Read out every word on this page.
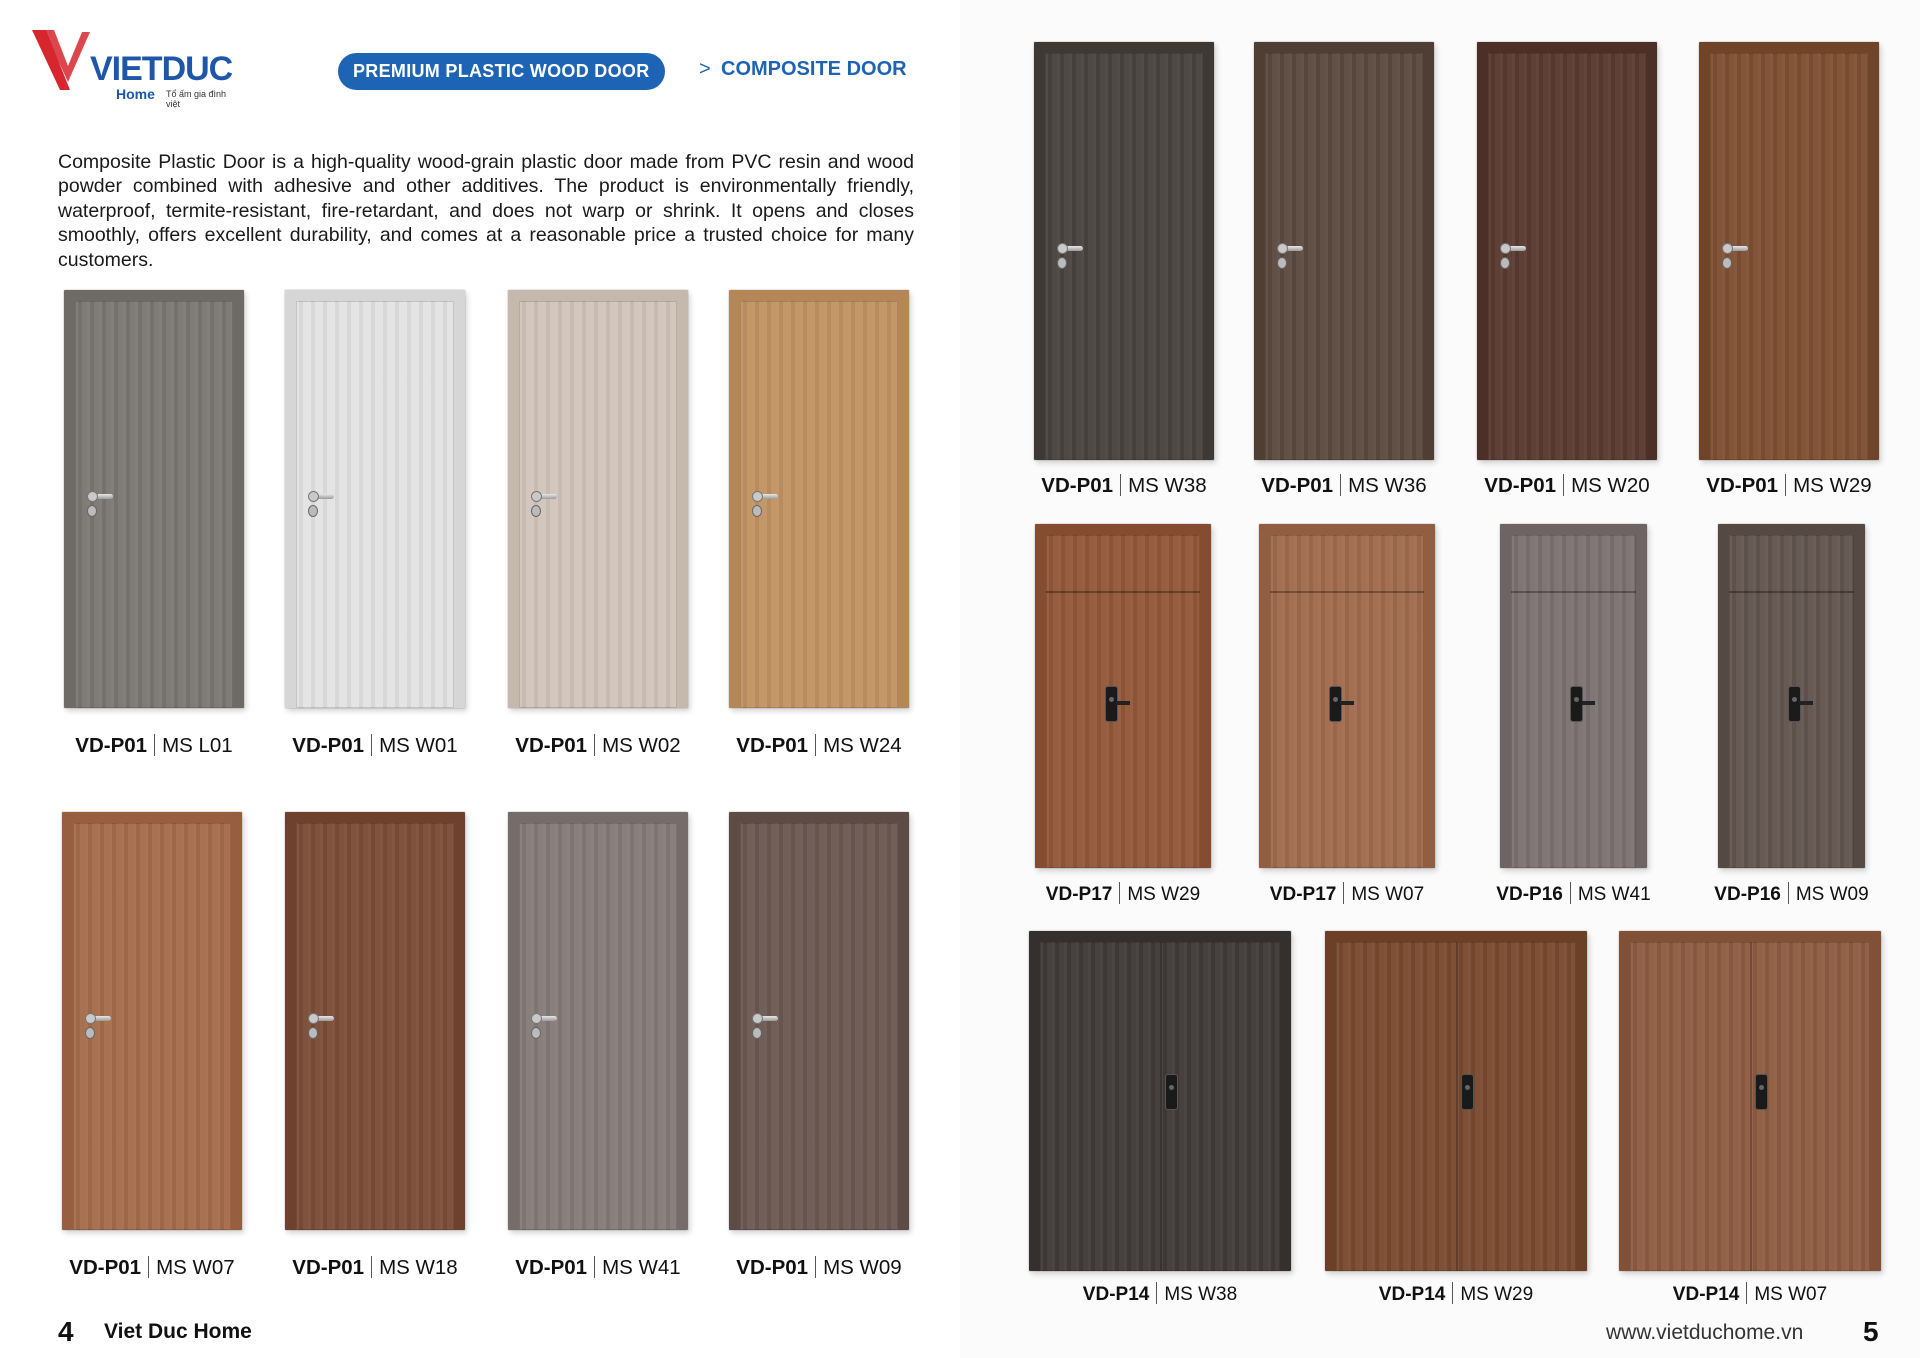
VIETDUC
Home Tổ ấm gia đình việt
PREMIUM PLASTIC WOOD DOOR	> COMPOSITE DOOR

Composite Plastic Door is a high-quality wood-grain plastic door made from PVC resin and wood powder combined with adhesive and other additives. The product is environmentally friendly, waterproof, termite-resistant, fire-retardant, and does not warp or shrink. It opens and closes smoothly, offers excellent durability, and comes at a reasonable price a trusted choice for many customers.

VD-P01 MS L01	VD-P01 MS W01	VD-P01 MS W02	VD-P01 MS W24
VD-P01 MS W07	VD-P01 MS W18	VD-P01 MS W41	VD-P01 MS W09
VD-P01 MS W38	VD-P01 MS W36	VD-P01 MS W20	VD-P01 MS W29
VD-P17 MS W29	VD-P17 MS W07	VD-P16 MS W41	VD-P16 MS W09
VD-P14 MS W38	VD-P14 MS W29	VD-P14 MS W07
4 Viet Duc Home	www.vietduchome.vn 5
